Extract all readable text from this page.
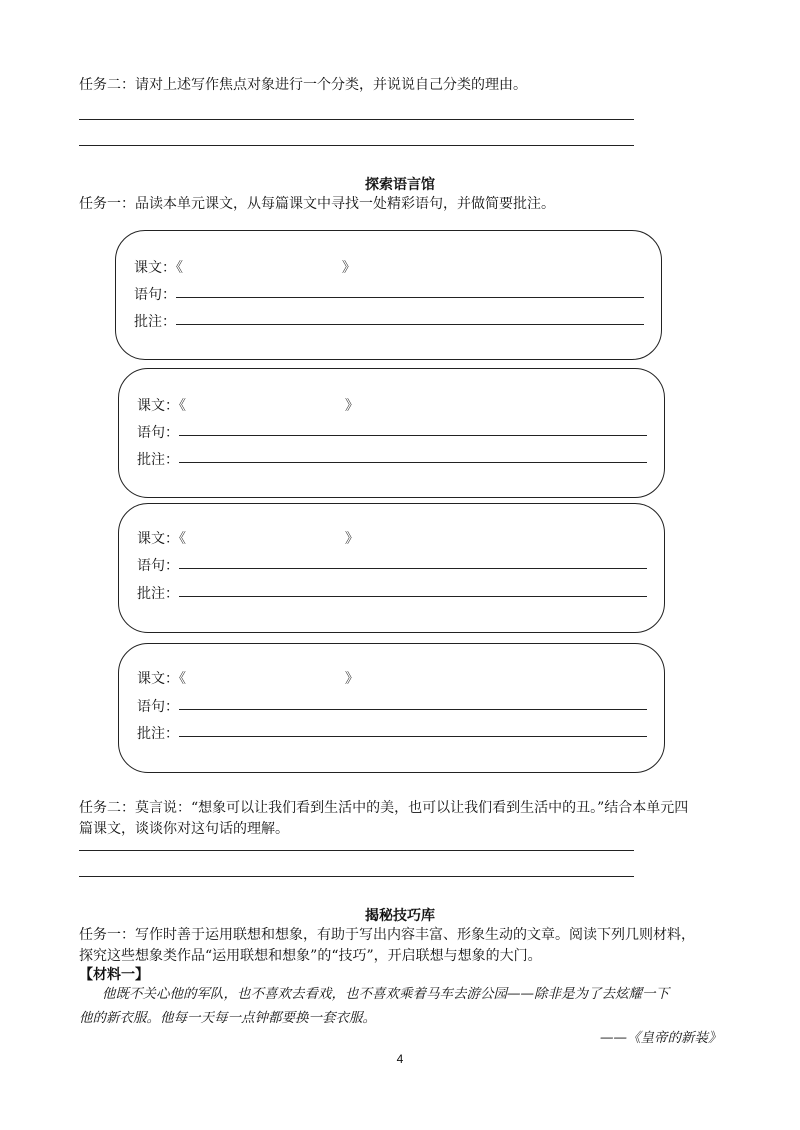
任务二：请对上述写作焦点对象进行一个分类，并说说自己分类的理由。
探索语言馆
任务一：品读本单元课文，从每篇课文中寻找一处精彩语句，并做简要批注。
课文：《	》
语句：
批注：
课文：《	》
语句：
批注：
课文：《	》
语句：
批注：
课文：《	》
语句：
批注：
任务二：莫言说：“想象可以让我们看到生活中的美，也可以让我们看到生活中的丑。”结合本单元四
篇课文，谈谈你对这句话的理解。
揭秘技巧库
任务一：写作时善于运用联想和想象，有助于写出内容丰富、形象生动的文章。阅读下列几则材料，
探究这些想象类作品“运用联想和想象”的“技巧”，开启联想与想象的大门。
【材料一】
他既不关心他的军队，也不喜欢去看戏，也不喜欢乘着马车去游公园——除非是为了去炫耀一下
他的新衣服。他每一天每一点钟都要换一套衣服。
——《皇帝的新装》
4
